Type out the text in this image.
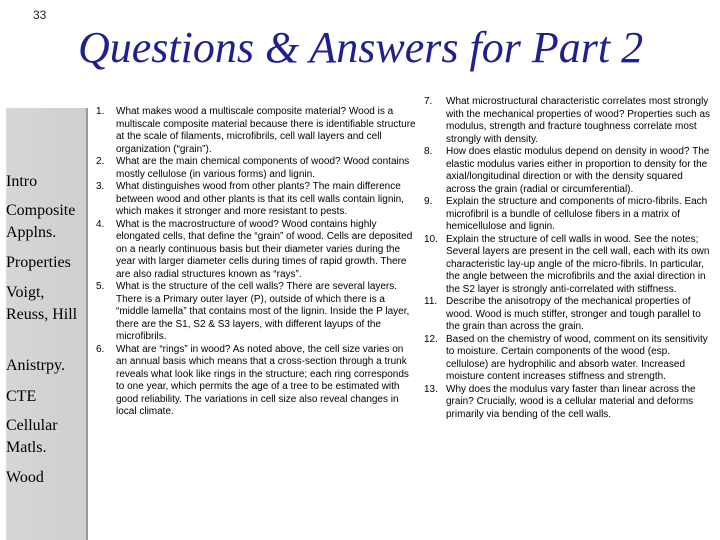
33
Questions & Answers for Part 2
Intro
Composite Applns.
Properties
Voigt, Reuss, Hill
Anistrpy.
CTE
Cellular Matls.
Wood
1. What makes wood a multiscale composite material? Wood is a multiscale composite material because there is identifiable structure at the scale of filaments, microfibrils, cell wall layers and cell organization (“grain”).
2. What are the main chemical components of wood? Wood contains mostly cellulose (in various forms) and lignin.
3. What distinguishes wood from other plants? The main difference between wood and other plants is that its cell walls contain lignin, which makes it stronger and more resistant to pests.
4. What is the macrostructure of wood? Wood contains highly elongated cells, that define the “grain” of wood. Cells are deposited on a nearly continuous basis but their diameter varies during the year with larger diameter cells during times of rapid growth. There are also radial structures known as “rays”.
5. What is the structure of the cell walls? There are several layers. There is a Primary outer layer (P), outside of which there is a “middle lamella” that contains most of the lignin. Inside the P layer, there are the S1, S2 & S3 layers, with different layups of the microfibrils.
6. What are “rings” in wood? As noted above, the cell size varies on an annual basis which means that a cross-section through a trunk reveals what look like rings in the structure; each ring corresponds to one year, which permits the age of a tree to be estimated with good reliability. The variations in cell size also reveal changes in local climate.
7. What microstructural characteristic correlates most strongly with the mechanical properties of wood? Properties such as modulus, strength and fracture toughness correlate most strongly with density.
8. How does elastic modulus depend on density in wood? The elastic modulus varies either in proportion to density for the axial/longitudinal direction or with the density squared across the grain (radial or circumferential).
9. Explain the structure and components of micro-fibrils. Each microfibril is a bundle of cellulose fibers in a matrix of hemicellulose and lignin.
10. Explain the structure of cell walls in wood. See the notes; Several layers are present in the cell wall, each with its own characteristic lay-up angle of the micro-fibrils. In particular, the angle between the microfibrils and the axial direction in the S2 layer is strongly anti-correlated with stiffness.
11. Describe the anisotropy of the mechanical properties of wood. Wood is much stiffer, stronger and tough parallel to the grain than across the grain.
12. Based on the chemistry of wood, comment on its sensitivity to moisture. Certain components of the wood (esp. cellulose) are hydrophilic and absorb water. Increased moisture content increases stiffness and strength.
13. Why does the modulus vary faster than linear across the grain? Crucially, wood is a cellular material and deforms primarily via bending of the cell walls.
